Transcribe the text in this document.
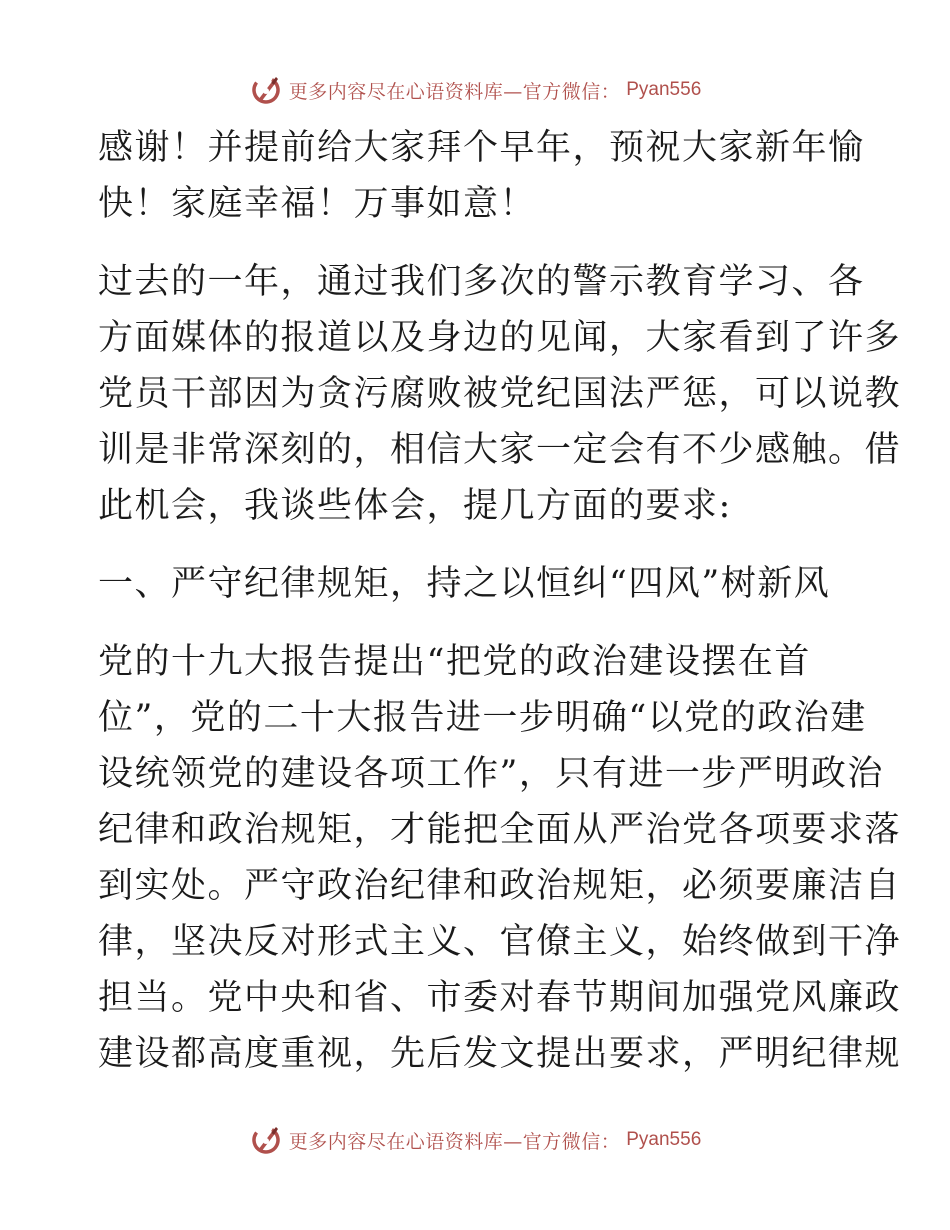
更多内容尽在心语资料库—官方微信： Pyan556
感谢！并提前给大家拜个早年，预祝大家新年愉
快！家庭幸福！万事如意！
过去的一年，通过我们多次的警示教育学习、各
方面媒体的报道以及身边的见闻，大家看到了许多
党员干部因为贪污腐败被党纪国法严惩，可以说教
训是非常深刻的，相信大家一定会有不少感触。借
此机会，我谈些体会，提几方面的要求:
一、严守纪律规矩，持之以恒纠“四风”树新风
党的十九大报告提出“把党的政治建设摆在首
位”，党的二十大报告进一步明确“以党的政治建
设统领党的建设各项工作”，只有进一步严明政治
纪律和政治规矩，才能把全面从严治党各项要求落
到实处。严守政治纪律和政治规矩，必须要廉洁自
律，坚决反对形式主义、官僚主义，始终做到干净
担当。党中央和省、市委对春节期间加强党风廉政
建设都高度重视，先后发文提出要求，严明纪律规
更多内容尽在心语资料库—官方微信： Pyan556
